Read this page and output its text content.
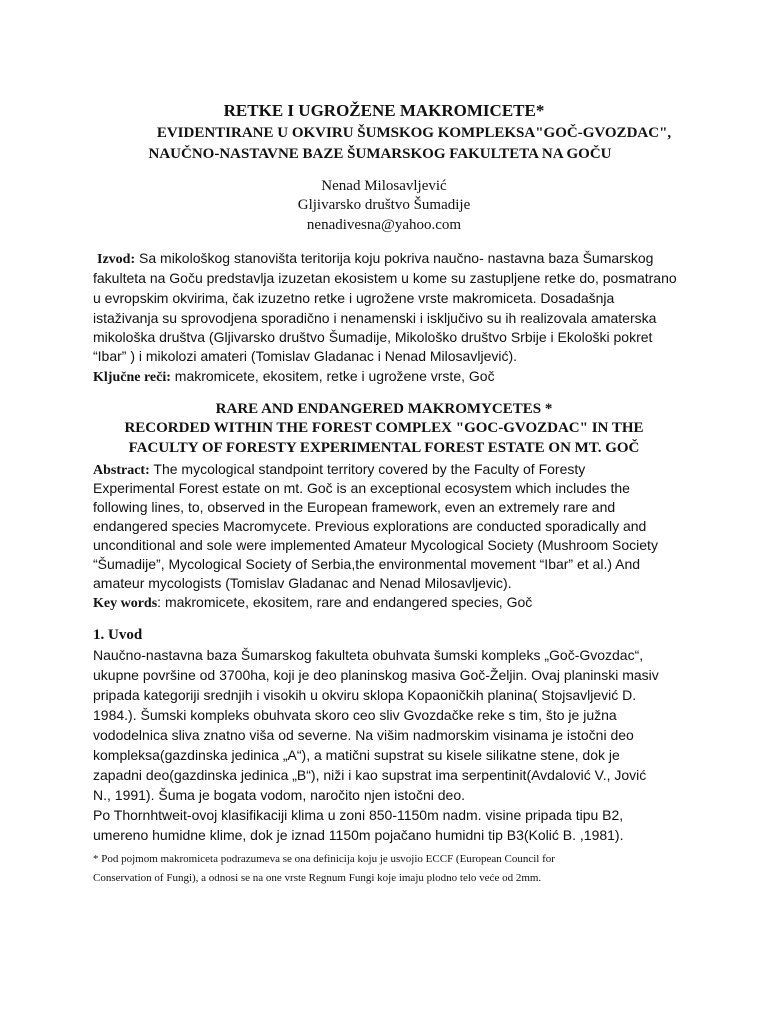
RETKE I UGROŽENE MAKROMICETE*
EVIDENTIRANE U OKVIRU ŠUMSKOG KOMPLEKSA"GOČ-GVOZDAC",
NAUČNO-NASTAVNE BAZE ŠUMARSKOG FAKULTETA NA GOČU
Nenad Milosavljević
Gljivarsko društvo Šumadije
nenadivesna@yahoo.com
Izvod: Sa mikološkog stanovišta teritorija koju pokriva naučno- nastavna baza Šumarskog
fakulteta na Goču predstavlja izuzetan ekosistem u kome su zastupljene retke do, posmatrano
u evropskim okvirima, čak izuzetno retke i ugrožene vrste makromiceta. Dosadašnja
istaživanja su sprovodjena sporadično i nenamenski i isključivo su ih realizovala amaterska
mikološka društva (Gljivarsko društvo Šumadije, Mikološko društvo Srbije i Ekološki pokret
“Ibar” ) i mikolozi amateri (Tomislav Gladanac i Nenad Milosavljević).
Ključne reči: makromicete, ekositem, retke i ugrožene vrste, Goč
RARE AND ENDANGERED MAKROMYCETES *
RECORDED WITHIN THE FOREST COMPLEX "GOC-GVOZDAC" IN THE
FACULTY OF FORESTY EXPERIMENTAL FOREST ESTATE ON MT. GOČ
Abstract: The mycological standpoint territory covered by the Faculty of Foresty
Experimental Forest estate on mt. Goč is an exceptional ecosystem which includes the
following lines, to, observed in the European framework, even an extremely rare and
endangered species Macromycete. Previous explorations are conducted sporadically and
unconditional and sole were implemented Amateur Mycological Society (Mushroom Society
“Šumadije”, Mycological Society of Serbia,the environmental movement “Ibar” et al.) And
amateur mycologists (Tomislav Gladanac and Nenad Milosavljevic).
Key words: makromicete, ekositem, rare and endangered species, Goč
1. Uvod
Naučno-nastavna baza Šumarskog fakulteta obuhvata šumski kompleks „Goč-Gvozdac“,
ukupne površine od 3700ha, koji je deo planinskog masiva Goč-Željin. Ovaj planinski masiv
pripada kategoriji srednjih i visokih u okviru sklopa Kopaoničkih planina( Stojsavljević D.
1984.). Šumski kompleks obuhvata skoro ceo sliv Gvozdačke reke s tim, što je južna
vododelnica sliva znatno viša od severne. Na višim nadmorskim visinama je istočni deo
kompleksa(gazdinska jedinica „A“), a matični supstrat su kisele silikatne stene, dok je
zapadni deo(gazdinska jedinica „B“), niži i kao supstrat ima serpentinit(Avdalović V., Jović
N., 1991). Šuma je bogata vodom, naročito njen istočni deo.
Po Thornhtweit-ovoj klasifikaciji klima u zoni 850-1150m nadm. visine pripada tipu B2,
umereno humidne klime, dok je iznad 1150m pojačano humidni tip B3(Kolić B. ,1981).
* Pod pojmom makromiceta podrazumeva se ona definicija koju je usvojio ECCF (European Council for
Conservation of Fungi), a odnosi se na one vrste Regnum Fungi koje imaju plodno telo veće od 2mm.
